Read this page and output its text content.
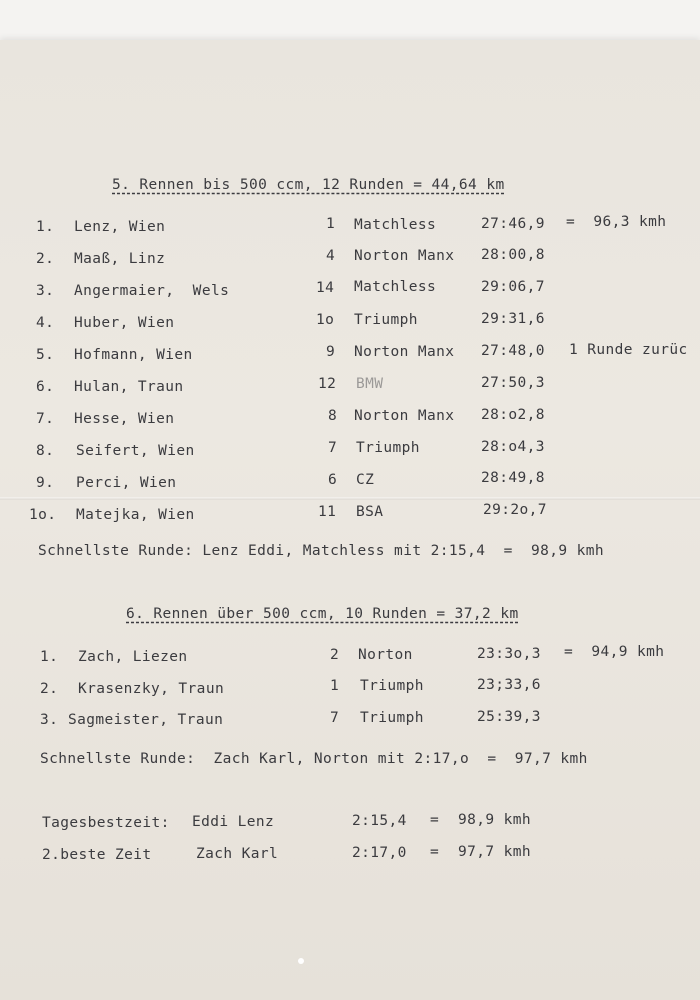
5. Rennen bis 500 ccm, 12 Runden = 44,64 km
1. Lenz, Wien	1 Matchless	27:46,9 =  96,3 kmh
2. Maaß, Linz	4 Norton Manx 28:00,8
3. Angermaier,  Wels	14 Matchless	29:06,7
4. Huber, Wien	1o Triumph	29:31,6
5. Hofmann, Wien	9 Norton Manx 27:48,0 1 Runde zurüc
6. Hulan, Traun	12 BMW	27:50,3
7. Hesse, Wien	8 Norton Manx 28:o2,8
8. Seifert, Wien	7 Triumph	28:o4,3
9. Perci, Wien	6 CZ	28:49,8
1o. Matejka, Wien	11 BSA	29:2o,7
Schnellste Runde: Lenz Eddi, Matchless mit 2:15,4  =  98,9 kmh
6. Rennen über 500 ccm, 10 Runden = 37,2 km
1. Zach, Liezen	2 Norton	23:3o,3 =  94,9 kmh
2. Krasenzky, Traun	1 Triumph	23;33,6
3. Sagmeister, Traun	7 Triumph	25:39,3
Schnellste Runde:  Zach Karl, Norton mit 2:17,o  =  97,7 kmh
Tagesbestzeit: Eddi Lenz	2:15,4 = 98,9 kmh
2.beste Zeit	Zach Karl	2:17,0 = 97,7 kmh
